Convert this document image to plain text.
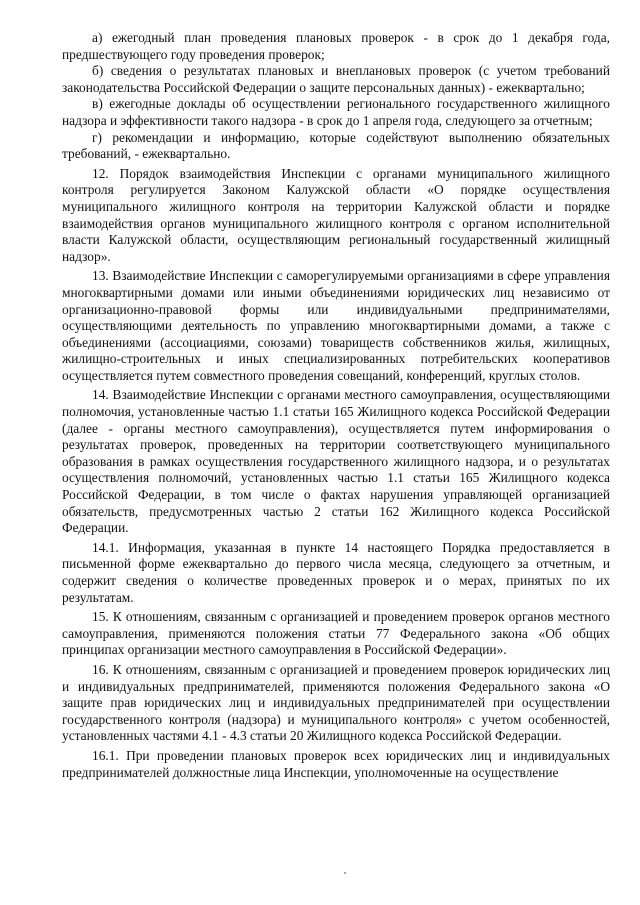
а) ежегодный план проведения плановых проверок - в срок до 1 декабря года, предшествующего году проведения проверок;

б) сведения о результатах плановых и внеплановых проверок (с учетом требований законодательства Российской Федерации о защите персональных данных) - ежеквартально;

в) ежегодные доклады об осуществлении регионального государственного жилищного надзора и эффективности такого надзора - в срок до 1 апреля года, следующего за отчетным;

г) рекомендации и информацию, которые содействуют выполнению обязательных требований, - ежеквартально.

12. Порядок взаимодействия Инспекции с органами муниципального жилищного контроля регулируется Законом Калужской области «О порядке осуществления муниципального жилищного контроля на территории Калужской области и порядке взаимодействия органов муниципального жилищного контроля с органом исполнительной власти Калужской области, осуществляющим региональный государственный жилищный надзор».

13. Взаимодействие Инспекции с саморегулируемыми организациями в сфере управления многоквартирными домами или иными объединениями юридических лиц независимо от организационно-правовой формы или индивидуальными предпринимателями, осуществляющими деятельность по управлению многоквартирными домами, а также с объединениями (ассоциациями, союзами) товариществ собственников жилья, жилищных, жилищно-строительных и иных специализированных потребительских кооперативов осуществляется путем совместного проведения совещаний, конференций, круглых столов.

14. Взаимодействие Инспекции с органами местного самоуправления, осуществляющими полномочия, установленные частью 1.1 статьи 165 Жилищного кодекса Российской Федерации (далее - органы местного самоуправления), осуществляется путем информирования о результатах проверок, проведенных на территории соответствующего муниципального образования в рамках осуществления государственного жилищного надзора, и о результатах осуществления полномочий, установленных частью 1.1 статьи 165 Жилищного кодекса Российской Федерации, в том числе о фактах нарушения управляющей организацией обязательств, предусмотренных частью 2 статьи 162 Жилищного кодекса Российской Федерации.

14.1. Информация, указанная в пункте 14 настоящего Порядка предоставляется в письменной форме ежеквартально до первого числа месяца, следующего за отчетным, и содержит сведения о количестве проведенных проверок и о мерах, принятых по их результатам.

15. К отношениям, связанным с организацией и проведением проверок органов местного самоуправления, применяются положения статьи 77 Федерального закона «Об общих принципах организации местного самоуправления в Российской Федерации».

16. К отношениям, связанным с организацией и проведением проверок юридических лиц и индивидуальных предпринимателей, применяются положения Федерального закона «О защите прав юридических лиц и индивидуальных предпринимателей при осуществлении государственного контроля (надзора) и муниципального контроля» с учетом особенностей, установленных частями 4.1 - 4.3 статьи 20 Жилищного кодекса Российской Федерации.

16.1. При проведении плановых проверок всех юридических лиц и индивидуальных предпринимателей должностные лица Инспекции, уполномоченные на осуществление
